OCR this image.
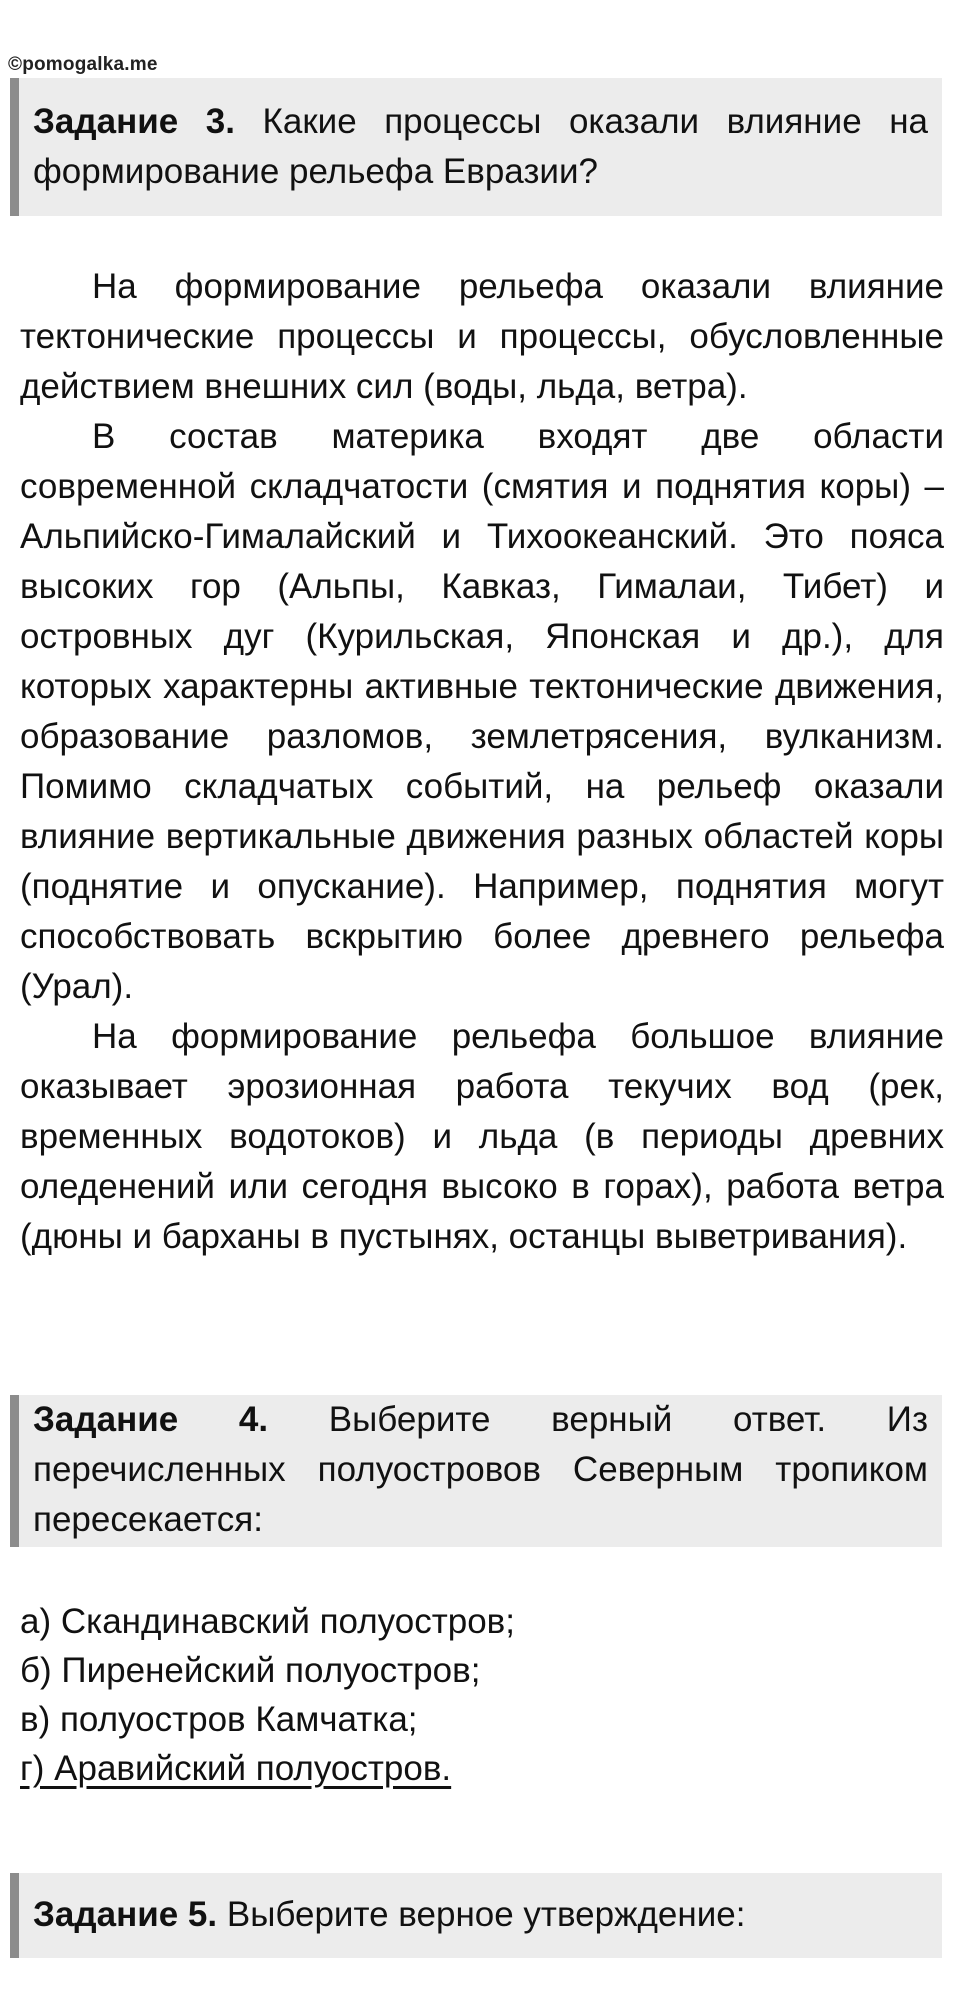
©pomogalka.me
Задание 3. Какие процессы оказали влияние на формирование рельефа Евразии?

На формирование рельефа оказали влияние тектонические процессы и процессы, обусловленные действием внешних сил (воды, льда, ветра).

В состав материка входят две области современной складчатости (смятия и поднятия коры) – Альпийско-Гималайский и Тихоокеанский. Это пояса высоких гор (Альпы, Кавказ, Гималаи, Тибет) и островных дуг (Курильская, Японская и др.), для которых характерны активные тектонические движения, образование разломов, землетрясения, вулканизм. Помимо складчатых событий, на рельеф оказали влияние вертикальные движения разных областей коры (поднятие и опускание). Например, поднятия могут способствовать вскрытию более древнего рельефа (Урал).

На формирование рельефа большое влияние оказывает эрозионная работа текучих вод (рек, временных водотоков) и льда (в периоды древних оледенений или сегодня высоко в горах), работа ветра (дюны и барханы в пустынях, останцы выветривания).

Задание 4. Выберите верный ответ. Из перечисленных полуостровов Северным тропиком пересекается:
а) Скандинавский полуостров;
б) Пиренейский полуостров;
в) полуостров Камчатка;
г) Аравийский полуостров.
Задание 5. Выберите верное утверждение:
